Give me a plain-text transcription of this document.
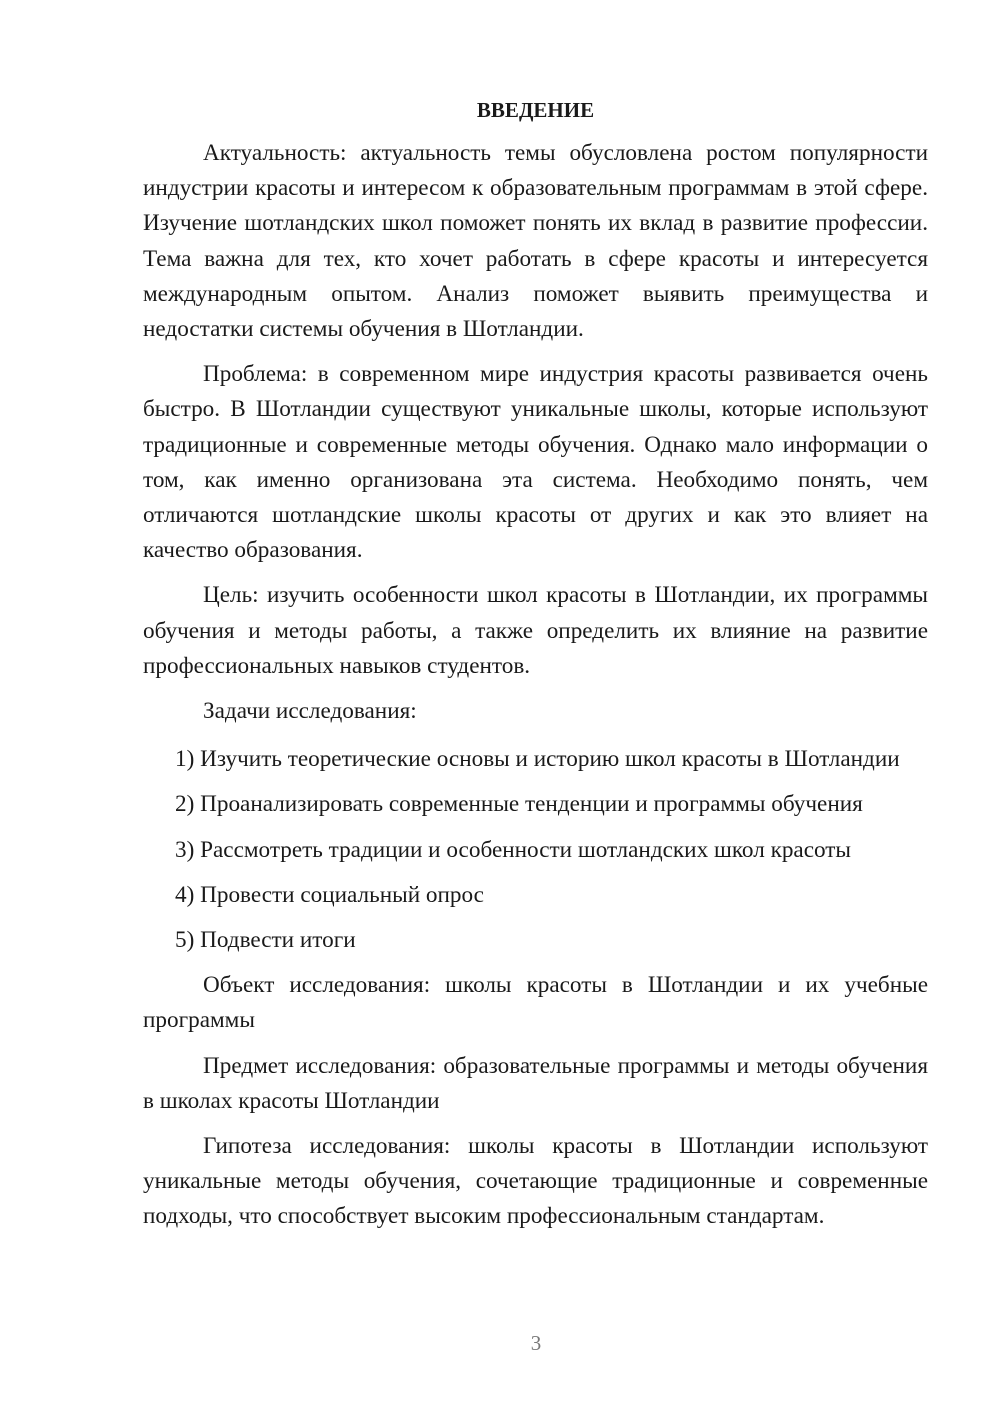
ВВЕДЕНИЕ

Актуальность: актуальность темы обусловлена ростом популярности индустрии красоты и интересом к образовательным программам в этой сфере. Изучение шотландских школ поможет понять их вклад в развитие профессии. Тема важна для тех, кто хочет работать в сфере красоты и интересуется международным опытом. Анализ поможет выявить преимущества и недостатки системы обучения в Шотландии.

Проблема: в современном мире индустрия красоты развивается очень быстро. В Шотландии существуют уникальные школы, которые используют традиционные и современные методы обучения. Однако мало информации о том, как именно организована эта система. Необходимо понять, чем отличаются шотландские школы красоты от других и как это влияет на качество образования.

Цель: изучить особенности школ красоты в Шотландии, их программы обучения и методы работы, а также определить их влияние на развитие профессиональных навыков студентов.

Задачи исследования:

1) Изучить теоретические основы и историю школ красоты в Шотландии

2) Проанализировать современные тенденции и программы обучения

3) Рассмотреть традиции и особенности шотландских школ красоты

4) Провести социальный опрос

5) Подвести итоги

Объект исследования: школы красоты в Шотландии и их учебные программы

Предмет исследования: образовательные программы и методы обучения в школах красоты Шотландии

Гипотеза исследования: школы красоты в Шотландии используют уникальные методы обучения, сочетающие традиционные и современные подходы, что способствует высоким профессиональным стандартам.

3
